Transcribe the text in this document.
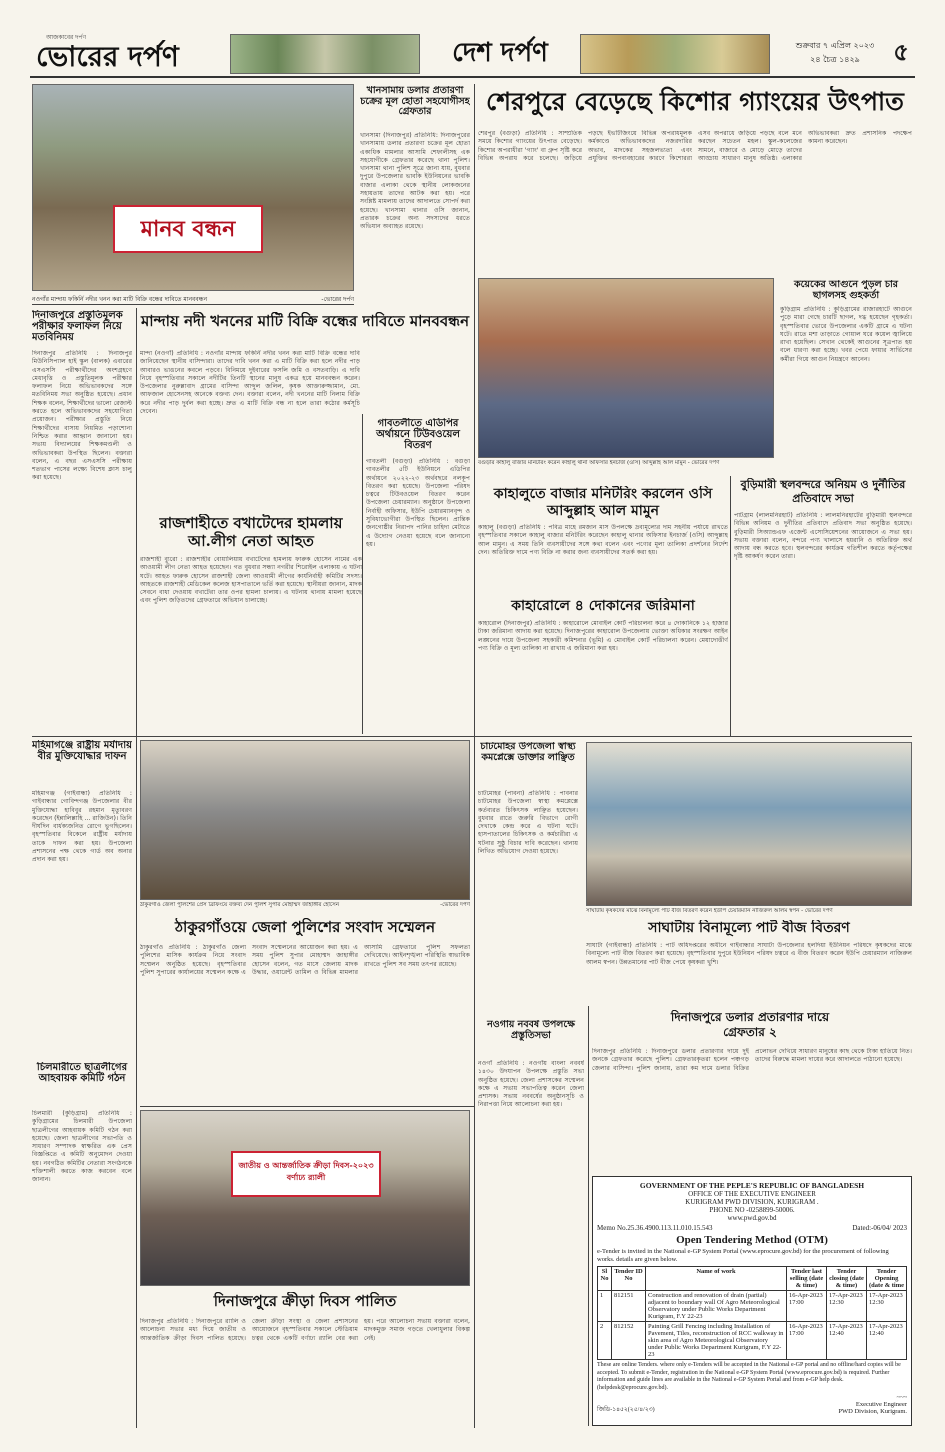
আজকাবের দর্পণ
ভোরের দর্পণ	দেশ দর্পণ	শুক্রবার ৭ এপ্রিল ২০২৩
২৪ চৈত্র ১৪২৯	৫
মানব বন্ধন
নওগাঁর মান্দায় ফকির্নি নদীর খনন করা মাটি বিক্রি বন্ধের দাবিতে মানববন্ধন	-ভোরের দর্পণ
খানসামায় ডলার প্রতারণা চক্রের মূল হোতা সহযোগীসহ গ্রেফতার
খানসামা (দিনাজপুর) প্রতিনিধি: দিনাজপুরের খানসামায় ডলার প্রতারণা চক্রের মূল হোতা একাধিক মামলার আসামি শেফালীসহ এক সহযোগীকে গ্রেফতার করেছে থানা পুলিশ। খানসামা থানা পুলিশ সূত্রে জানা যায়, বুধবার দুপুরে উপজেলার ভাবকি ইউনিয়নের ভাবকি বাজার এলাকা থেকে স্থানীয় লোকজনের সহায়তায় তাদের আটক করা হয়। পরে সংশ্লিষ্ট মামলায় তাদের আদালতে সোপর্দ করা হয়েছে। খানসামা থানার ওসি জানান, প্রতারক চক্রের অন্য সদস্যদের ধরতে অভিযান অব্যাহত রয়েছে।
শেরপুরে বেড়েছে কিশোর গ্যাংয়ের উৎপাত
শেরপুর (বগুড়া) প্রতিনিধি : সাম্প্রতিক সময়ে কিশোর গ্যাংয়ের উৎপাত বেড়েছে। কিশোর অপরাধীরা 'গ্যাং' বা গ্রুপ সৃষ্টি করে বিভিন্ন অপরাধ করে চলেছে। জড়িয়ে পড়ছে ইভটিজিংয়ে বিভিন্ন অপরাধমূলক কর্মকাণ্ডে অভিভাবকদের নজরদারির অভাব, মাদকের সহজলভ্যতা এবং প্রযুক্তির অপব্যবহারের কারণে কিশোররা এসব অপরাধে জড়িয়ে পড়ছে বলে মনে করছেন সচেতন মহল। স্কুল-কলেজের সামনে, বাজারে ও মোড়ে মোড়ে তাদের আড্ডায় সাধারণ মানুষ অতিষ্ঠ। এলাকার অভিভাবকরা দ্রুত প্রশাসনিক পদক্ষেপ কামনা করেছেন।
বগুড়ার কাহালু বাজার মনিটরিং করেন কাহালু থানা অফিসার ইনচার্জ (ওসি) আব্দুল্লাহ আল মামুন - ভোরের দর্পণ
কয়েকের আগুনে পুড়ল চার ছাগলসহ গুহকর্তা
কুড়িগ্রাম প্রতিনিধি : কুড়িগ্রামের রাজারহাটে আগুনে পুড়ে মারা গেছে চারটি ছাগল, দগ্ধ হয়েছেন গৃহকর্তা। বৃহস্পতিবার ভোরে উপজেলার একটি গ্রামে এ ঘটনা ঘটে। রাতে মশা তাড়াতে গোয়াল ঘরে কয়েল জ্বালিয়ে রাখা হয়েছিল। সেখান থেকেই আগুনের সূত্রপাত হয় বলে ধারণা করা হচ্ছে। খবর পেয়ে ফায়ার সার্ভিসের কর্মীরা গিয়ে আগুন নিয়ন্ত্রণে আনেন।
দিনাজপুরে প্রস্তুতিমূলক পরীক্ষার ফলাফল নিয়ে মতবিনিময়
দিনাজপুর প্রতিনিধি : দিনাজপুর মিউনিসিপ্যাল হাই স্কুল (বালক) এবারের এসএসসি পরীক্ষার্থীদের অংশগ্রহণে মেধাবৃত্তি ও প্রস্তুতিমূলক পরীক্ষার ফলাফল নিয়ে অভিভাবকদের সঙ্গে মতবিনিময় সভা অনুষ্ঠিত হয়েছে। প্রধান শিক্ষক বলেন, শিক্ষার্থীদের ভালো রেজাল্ট করতে হলে অভিভাবকদের সহযোগিতা প্রয়োজন। পরীক্ষার প্রস্তুতি নিয়ে শিক্ষার্থীদের বাসায় নিয়মিত পড়াশোনা নিশ্চিত করার আহ্বান জানানো হয়। সভায় বিদ্যালয়ের শিক্ষকমণ্ডলী ও অভিভাবকরা উপস্থিত ছিলেন। বক্তারা বলেন, এ বছর এসএসসি পরীক্ষায় শতভাগ পাসের লক্ষ্যে বিশেষ ক্লাস চালু করা হয়েছে।
মান্দায় নদী খননের মাটি বিক্রি বন্ধের দাবিতে মানববন্ধন
মান্দা (নওগাঁ) প্রতিনিধি : নওগাঁর মান্দায় ফকির্নি নদীর খনন করা মাটি বিক্রি বন্ধের দাবি জানিয়েছেন স্থানীয় বাসিন্দারা। তাদের দাবি খনন করা এ মাটি বিক্রি করা হলে নদীর পাড় আবারও ভাঙনের কবলে পড়বে। বিনিময়ে দুইবারের ফসলি জমি ও বসতবাড়ি। এ দাবি নিয়ে বৃহস্পতিবার সকালে নদীটির তিনটি স্থানের মানুষ একত্র হয়ে মানববন্ধন করেন। উপজেলার নুরুল্লাবাদ গ্রামের বাসিন্দা আব্দুল জলিল, কৃষক আক্তারুজ্জামান, মো. আফজাল হোসেনসহ অনেকে বক্তব্য দেন। বক্তারা বলেন, নদী খননের মাটি নিলাম বিক্রি করে নদীর পাড় দুর্বল করা হচ্ছে। দ্রুত এ মাটি বিক্রি বন্ধ না হলে তারা কঠোর কর্মসূচি দেবেন।
গাবতলীতে এডিপির অর্থায়নে টিউবওয়েল বিতরণ
গাবতলী (বগুড়া) প্রতিনিধি : বগুড়া গাবতলীর ৫টি ইউনিয়নে এডিপির অর্থায়নে ২০২২-২৩ অর্থবছরে নলকূপ বিতরণ করা হয়েছে। উপজেলা পরিষদ চত্বরে টিউবওয়েল বিতরণ করেন উপজেলা চেয়ারম্যান। অনুষ্ঠানে উপজেলা নির্বাহী অফিসার, ইউপি চেয়ারম্যানবৃন্দ ও সুবিধাভোগীরা উপস্থিত ছিলেন। প্রান্তিক জনগোষ্ঠীর নিরাপদ পানির চাহিদা মেটাতে এ উদ্যোগ নেওয়া হয়েছে বলে জানানো হয়।
রাজশাহীতে বখাটেদের হামলায় আ.লীগ নেতা আহত
রাজশাহী ব্যুরো : রাজশাহীর বোয়ালিয়ায় বখাটেদের হামলায় ফারুক হোসেন নামের এক আওয়ামী লীগ নেতা আহত হয়েছেন। গত বুধবার সন্ধ্যা নগরীর শিরোইল এলাকায় এ ঘটনা ঘটে। আহত ফারুক হোসেন রাজশাহী জেলা আওয়ামী লীগের কার্যনির্বাহী কমিটির সদস্য। আহতকে রাজশাহী মেডিকেল কলেজ হাসপাতালে ভর্তি করা হয়েছে। স্থানীয়রা জানান, মাদক সেবনে বাধা দেওয়ায় বখাটেরা তার ওপর হামলা চালায়। এ ঘটনায় থানায় মামলা হয়েছে এবং পুলিশ জড়িতদের গ্রেফতারে অভিযান চালাচ্ছে।
কাহালুতে বাজার মনিটরিং করলেন ওসি আব্দুল্লাহ আল মামুন
কাহালু (বগুড়া) প্রতিনিধি : পবিত্র মাহে রমজান মাস উপলক্ষে দ্রব্যমূল্যের দাম সহনীয় পর্যায়ে রাখতে বৃহস্পতিবার সকালে কাহালু বাজার মনিটরিং করেছেন কাহালু থানার অফিসার ইনচার্জ (ওসি) আব্দুল্লাহ আল মামুন। এ সময় তিনি ব্যবসায়ীদের সঙ্গে কথা বলেন এবং পণ্যের মূল্য তালিকা প্রদর্শনের নির্দেশ দেন। অতিরিক্ত দামে পণ্য বিক্রি না করার জন্য ব্যবসায়ীদের সতর্ক করা হয়।
বুড়িমারী স্থলবন্দরে অনিয়ম ও দুর্নীতির প্রতিবাদে সভা
পাটগ্রাম (লালমনিরহাট) প্রতিনিধি : লালমনিরহাটের বুড়িমারী স্থলবন্দরে বিভিন্ন অনিয়ম ও দুর্নীতির প্রতিবাদে প্রতিবাদ সভা অনুষ্ঠিত হয়েছে। বুড়িমারী সিঅ্যান্ডএফ এজেন্ট এসোসিয়েশনের আয়োজনে এ সভা হয়। সভায় বক্তারা বলেন, বন্দরে পণ্য খালাসে হয়রানি ও অতিরিক্ত অর্থ আদায় বন্ধ করতে হবে। স্থলবন্দরের কার্যক্রম গতিশীল করতে কর্তৃপক্ষের দৃষ্টি আকর্ষণ করেন তারা।
কাহারোলে ৪ দোকানের জরিমানা
কাহারোল (দিনাজপুর) প্রতিনিধি : কাহারোলে মোবাইল কোর্ট পরিচালনা করে ৪ দোকানিকে ১২ হাজার টাকা জরিমানা আদায় করা হয়েছে। দিনাজপুরের কাহারোল উপজেলায় ভোক্তা অধিকার সংরক্ষণ আইন লঙ্ঘনের দায়ে উপজেলা সহকারী কমিশনার (ভূমি) এ মোবাইল কোর্ট পরিচালনা করেন। মেয়াদোত্তীর্ণ পণ্য বিক্রি ও মূল্য তালিকা না রাখায় এ জরিমানা করা হয়।
মহিমাগঞ্জে রাষ্ট্রীয় মর্যাদায় বীর মুক্তিযোদ্ধার দাফন
মহিমাগঞ্জ (গাইবান্ধা) প্রতিনিধি : গাইবান্ধার গোবিন্দগঞ্জ উপজেলার বীর মুক্তিযোদ্ধা হাবিবুর রহমান মৃত্যুবরণ করেছেন (ইন্নালিল্লাহি ... রাজিউন)। তিনি দীর্ঘদিন বার্ধক্যজনিত রোগে ভুগছিলেন। বৃহস্পতিবার বিকেলে রাষ্ট্রীয় মর্যাদায় তাকে দাফন করা হয়। উপজেলা প্রশাসনের পক্ষ থেকে গার্ড অব অনার প্রদান করা হয়।
ঠাকুরগাঁও জেলা পুলিশের প্রেস ব্রিফিংয়ে বক্তব্য দেন পুলিশ সুপার মোহাম্মদ জাহাঙ্গীর হোসেন	-ভোরের দর্পণ
চাটমোহর উপজেলা স্বাস্থ্য কমপ্লেক্সে ডাক্তার লাঞ্ছিত
চাটমোহর (পাবনা) প্রতিনিধি : পাবনার চাটমোহর উপজেলা স্বাস্থ্য কমপ্লেক্সে কর্তব্যরত চিকিৎসক লাঞ্ছিত হয়েছেন। বুধবার রাতে জরুরি বিভাগে রোগী দেখাকে কেন্দ্র করে এ ঘটনা ঘটে। হাসপাতালের চিকিৎসক ও কর্মচারীরা এ ঘটনার সুষ্ঠু বিচার দাবি করেছেন। থানায় লিখিত অভিযোগ দেওয়া হয়েছে।
সাঘাটায় কৃষকদের মাঝে বিনামূল্যে পাট বীজ বিতরণ করেন ইউপি চেয়ারম্যান নাজিরুল আলম স্বপন - ভোরের দর্পণ
ঠাকুরগাঁওয়ে জেলা পুলিশের সংবাদ সম্মেলন
ঠাকুরগাঁও প্রতিনিধি : ঠাকুরগাঁও জেলা পুলিশের মাসিক কার্যক্রম নিয়ে সংবাদ সম্মেলন অনুষ্ঠিত হয়েছে। বৃহস্পতিবার পুলিশ সুপারের কার্যালয়ের সম্মেলন কক্ষে এ সংবাদ সম্মেলনের আয়োজন করা হয়। এ সময় পুলিশ সুপার মোহাম্মদ জাহাঙ্গীর হোসেন বলেন, গত মাসে জেলায় মাদক উদ্ধার, ওয়ারেন্ট তামিল ও বিভিন্ন মামলার আসামি গ্রেফতারে পুলিশ সফলতা দেখিয়েছে। আইনশৃঙ্খলা পরিস্থিতি স্বাভাবিক রাখতে পুলিশ সব সময় তৎপর রয়েছে।
সাঘাটায় বিনামূল্যে পাট বীজ বিতরণ
সাঘাটা (গাইবান্ধা) প্রতিনিধি : পাট অধিদপ্তরের অধীনে গাইবান্ধার সাঘাটা উপজেলার হলদিয়া ইউনিয়ন পরিষদে কৃষকদের মাঝে বিনামূল্যে পাট বীজ বিতরণ করা হয়েছে। বৃহস্পতিবার দুপুরে ইউনিয়ন পরিষদ চত্বরে এ বীজ বিতরণ করেন ইউপি চেয়ারম্যান নাজিরুল আলম স্বপন। উন্নতমানের পাট বীজ পেয়ে কৃষকরা খুশি।
চিলমারীতে ছাত্রলীগের আহবায়ক কমিটি গঠন
চিলমারী (কুড়িগ্রাম) প্রতিনিধি : কুড়িগ্রামের চিলমারী উপজেলা ছাত্রলীগের আহবায়ক কমিটি গঠন করা হয়েছে। জেলা ছাত্রলীগের সভাপতি ও সাধারণ সম্পাদক স্বাক্ষরিত এক প্রেস বিজ্ঞপ্তিতে এ কমিটি অনুমোদন দেওয়া হয়। নবগঠিত কমিটির নেতারা সংগঠনকে শক্তিশালী করতে কাজ করবেন বলে জানান।
নওগাঁয় নববর্ষ উপলক্ষে প্রস্তুতিসভা
নওগাঁ প্রতিনিধি : নওগাঁয় বাংলা নববর্ষ ১৪৩০ উদযাপন উপলক্ষে প্রস্তুতি সভা অনুষ্ঠিত হয়েছে। জেলা প্রশাসকের সম্মেলন কক্ষে এ সভায় সভাপতিত্ব করেন জেলা প্রশাসক। সভায় নববর্ষের অনুষ্ঠানসূচি ও নিরাপত্তা নিয়ে আলোচনা করা হয়।
দিনাজপুরে ডলার প্রতারণার দায়ে গ্রেফতার ২
দিনাজপুর প্রতিনিধি : দিনাজপুরে ডলার প্রতারণার দায়ে দুই জনকে গ্রেফতার করেছে পুলিশ। গ্রেফতারকৃতরা হলেন পঞ্চগড় জেলার বাসিন্দা। পুলিশ জানায়, তারা কম দামে ডলার বিক্রির প্রলোভন দেখিয়ে সাধারণ মানুষের কাছ থেকে টাকা হাতিয়ে নিত। তাদের বিরুদ্ধে মামলা দায়ের করে আদালতে পাঠানো হয়েছে।
জাতীয় ও আন্তর্জাতিক ক্রীড়া দিবস-২০২৩ বর্ণাঢ্য র‍্যালী
দিনাজপুরে ক্রীড়া দিবস পালিত
দিনাজপুর প্রতিনিধি : দিনাজপুরে র‍্যালি ও আলোচনা সভার মধ্য দিয়ে জাতীয় ও আন্তর্জাতিক ক্রীড়া দিবস পালিত হয়েছে। জেলা ক্রীড়া সংস্থা ও জেলা প্রশাসনের আয়োজনে বৃহস্পতিবার সকালে স্টেডিয়াম চত্বর থেকে একটি বর্ণাঢ্য র‍্যালি বের করা হয়। পরে আলোচনা সভায় বক্তারা বলেন, মাদকমুক্ত সমাজ গড়তে খেলাধুলার বিকল্প নেই।
GOVERNMENT OF THE PEPLE'S REPUBLIC OF BANGLADESH
OFFICE OF THE EXECUTIVE ENGINEER
KURIGRAM PWD DIVISION, KURIGRAM .
PHONE NO -0258899-50006.
www.pwd.gov.bd
Memo No.25.36.4900.113.11.010.15.543	Dated:-06/04/ 2023
Open Tendering Method (OTM)
e-Tender is invited in the National e-GP System Portal (www.eprocure.gov.bd) for the procurement of following works. details are given below.
Sl No	Tender ID No	Name of work	Tender last selling (date & time)	Tender closing (date & time)	Tender Opening (date & time
1	812151	Construction and renovation of drain (partial) adjacent to boundary wall Of Agro Meteorological Observatory under Public Works Department Kurigram, F.Y 22-23	16-Apr-2023 17:00	17-Apr-2023 12:30	17-Apr-2023 12:30
2	812152	Painting Grill Fencing including Installation of Pavement, Tiles, reconstruction of RCC walkway in skin area of Agro Meteorological Observatory under Public Works Department Kurigram, F.Y 22-23	16-Apr-2023 17:00	17-Apr-2023 12:40	17-Apr-2023 12:40
These are online Tenders. where only e-Tenders will be accepted in the National e-GP portal and no offline/hard copies will be accepted. To submit e-Tender, registration in the National e-GP System Portal (www.eprocure.gov.bd) is required. Further information and guide lines are available in the National e-GP System Portal and from e-GP help desk. (helpdesk@eprocure.gov.bd).
জিডি-১৪৫২(২৫/৪/২৩)
~~~
Executive Engineer
PWD Division, Kurigram.
